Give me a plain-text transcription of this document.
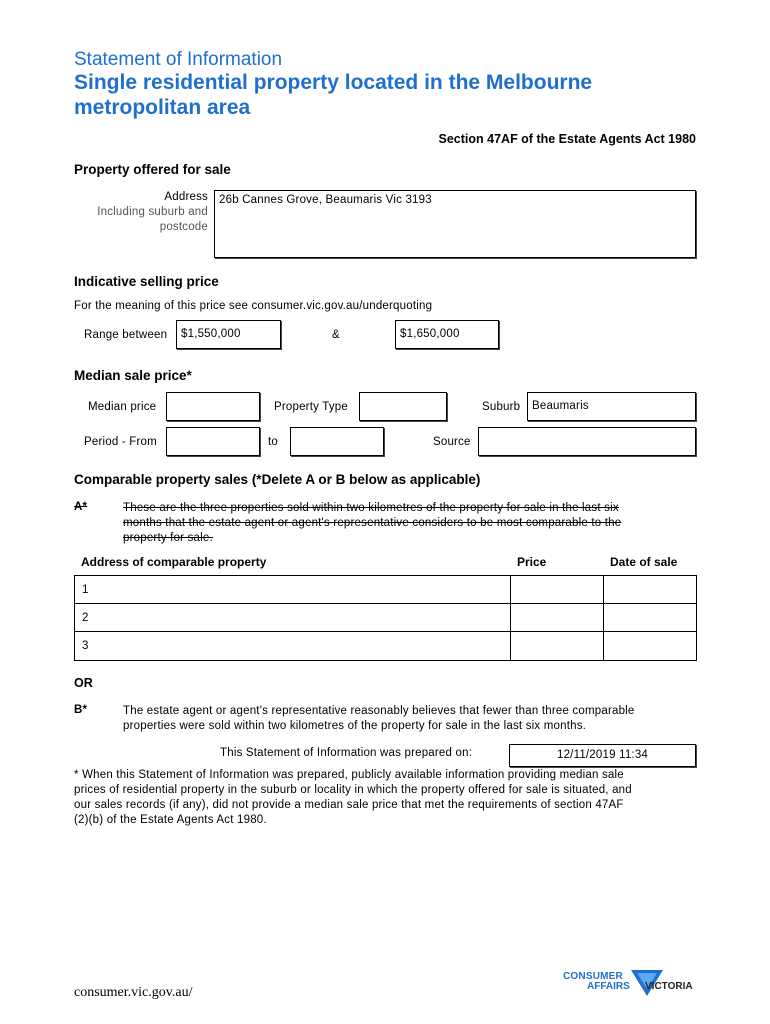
Statement of Information
Single residential property located in the Melbourne
metropolitan area
Section 47AF of the Estate Agents Act 1980
Property offered for sale
Address
Including suburb and
postcode
26b Cannes Grove, Beaumaris Vic 3193
Indicative selling price
For the meaning of this price see consumer.vic.gov.au/underquoting
Range between	$1,550,000	&	$1,650,000
Median sale price*
Median price	Property Type	Suburb	Beaumaris
Period - From	to	Source
Comparable property sales (*Delete A or B below as applicable)
A*	These are the three properties sold within two kilometres of the property for sale in the last six
months that the estate agent or agent's representative considers to be most comparable to the
property for sale.
Address of comparable property	Price	Date of sale
1
2
3
OR
B*	The estate agent or agent's representative reasonably believes that fewer than three comparable
properties were sold within two kilometres of the property for sale in the last six months.
This Statement of Information was prepared on:	12/11/2019 11:34
* When this Statement of Information was prepared, publicly available information providing median sale
prices of residential property in the suburb or locality in which the property offered for sale is situated, and
our sales records (if any), did not provide a median sale price that met the requirements of section 47AF
(2)(b) of the Estate Agents Act 1980.
consumer.vic.gov.au/
CONSUMER
AFFAIRS VICTORIA
